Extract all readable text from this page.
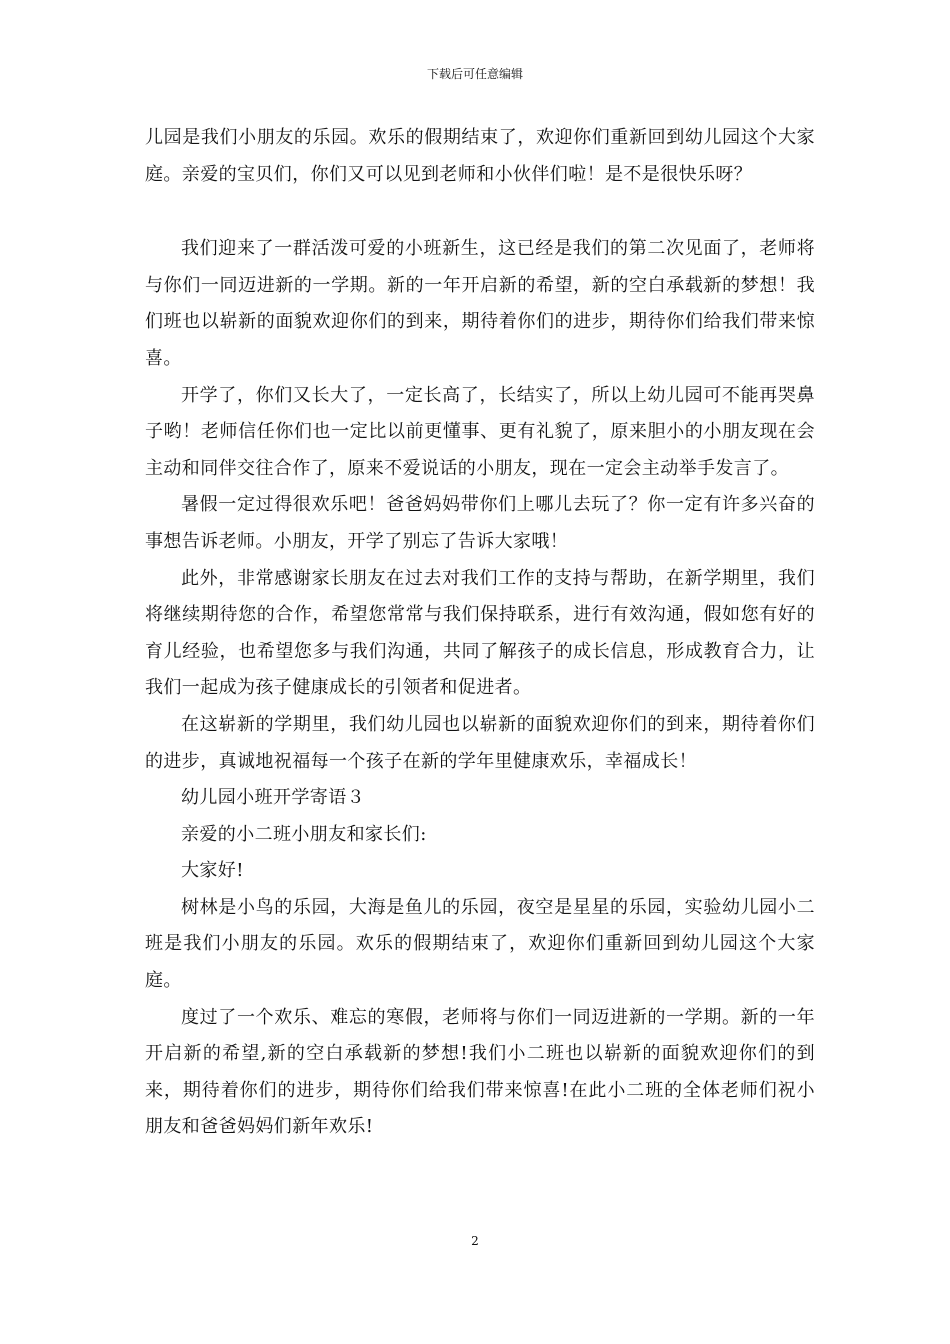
下载后可任意编辑

儿园是我们小朋友的乐园。欢乐的假期结束了，欢迎你们重新回到幼儿园这个大家庭。亲爱的宝贝们，你们又可以见到老师和小伙伴们啦！是不是很快乐呀？

我们迎来了一群活泼可爱的小班新生，这已经是我们的第二次见面了，老师将与你们一同迈进新的一学期。新的一年开启新的希望，新的空白承载新的梦想！我们班也以崭新的面貌欢迎你们的到来，期待着你们的进步，期待你们给我们带来惊喜。

开学了，你们又长大了，一定长高了，长结实了，所以上幼儿园可不能再哭鼻子哟！老师信任你们也一定比以前更懂事、更有礼貌了，原来胆小的小朋友现在会主动和同伴交往合作了，原来不爱说话的小朋友，现在一定会主动举手发言了。

暑假一定过得很欢乐吧！爸爸妈妈带你们上哪儿去玩了？你一定有许多兴奋的事想告诉老师。小朋友，开学了别忘了告诉大家哦！

此外，非常感谢家长朋友在过去对我们工作的支持与帮助，在新学期里，我们将继续期待您的合作，希望您常常与我们保持联系，进行有效沟通，假如您有好的育儿经验，也希望您多与我们沟通，共同了解孩子的成长信息，形成教育合力，让我们一起成为孩子健康成长的引领者和促进者。

在这崭新的学期里，我们幼儿园也以崭新的面貌欢迎你们的到来，期待着你们的进步，真诚地祝福每一个孩子在新的学年里健康欢乐，幸福成长！

幼儿园小班开学寄语３

亲爱的小二班小朋友和家长们:

大家好!

树林是小鸟的乐园，大海是鱼儿的乐园，夜空是星星的乐园，实验幼儿园小二班是我们小朋友的乐园。欢乐的假期结束了，欢迎你们重新回到幼儿园这个大家庭。

度过了一个欢乐、难忘的寒假，老师将与你们一同迈进新的一学期。新的一年开启新的希望,新的空白承载新的梦想!我们小二班也以崭新的面貌欢迎你们的到来，期待着你们的进步，期待你们给我们带来惊喜!在此小二班的全体老师们祝小朋友和爸爸妈妈们新年欢乐!

2
